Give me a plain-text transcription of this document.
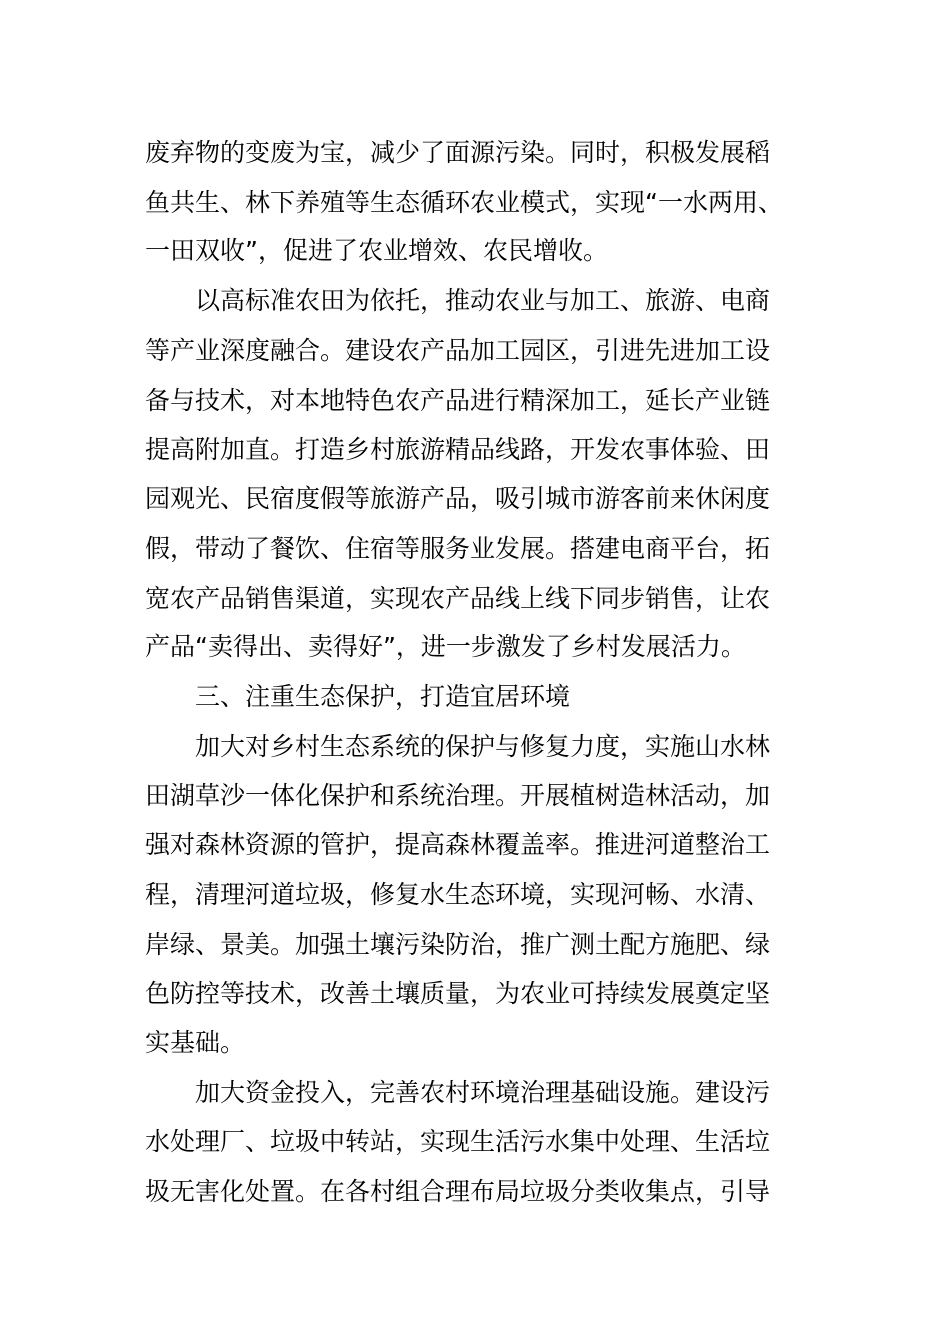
废弃物的变废为宝，减少了面源污染。同时，积极发展稻
鱼共生、林下养殖等生态循环农业模式，实现“一水两用、
一田双收”，促进了农业增效、农民增收。
以高标准农田为依托，推动农业与加工、旅游、电商
等产业深度融合。建设农产品加工园区，引进先进加工设
备与技术，对本地特色农产品进行精深加工，延长产业链
提高附加直。打造乡村旅游精品线路，开发农事体验、田
园观光、民宿度假等旅游产品，吸引城市游客前来休闲度
假，带动了餐饮、住宿等服务业发展。搭建电商平台，拓
宽农产品销售渠道，实现农产品线上线下同步销售，让农
产品“卖得出、卖得好”，进一步激发了乡村发展活力。
三、注重生态保护，打造宜居环境
加大对乡村生态系统的保护与修复力度，实施山水林
田湖草沙一体化保护和系统治理。开展植树造林活动，加
强对森林资源的管护，提高森林覆盖率。推进河道整治工
程，清理河道垃圾，修复水生态环境，实现河畅、水清、
岸绿、景美。加强土壤污染防治，推广测土配方施肥、绿
色防控等技术，改善土壤质量，为农业可持续发展奠定坚
实基础。
加大资金投入，完善农村环境治理基础设施。建设污
水处理厂、垃圾中转站，实现生活污水集中处理、生活垃
圾无害化处置。在各村组合理布局垃圾分类收集点，引导
